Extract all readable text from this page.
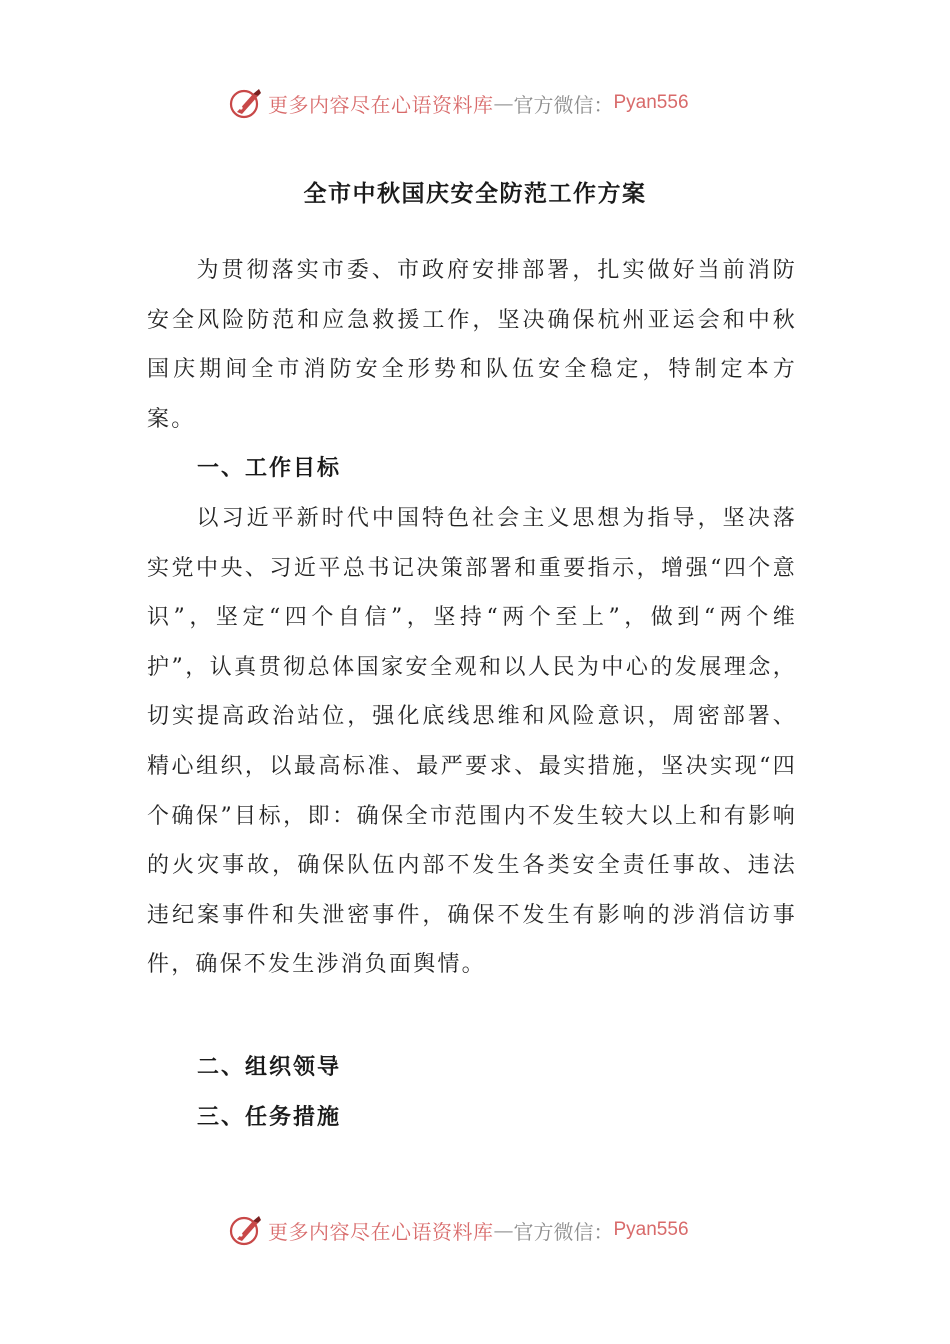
更多内容尽在心语资料库 — 官方微信： Pyan556
全市中秋国庆安全防范工作方案

为贯彻落实市委、市政府安排部署，扎实做好当前消防安全风险防范和应急救援工作，坚决确保杭州亚运会和中秋国庆期间全市消防安全形势和队伍安全稳定，特制定本方案。

一、工作目标

以习近平新时代中国特色社会主义思想为指导，坚决落实党中央、习近平总书记决策部署和重要指示，增强“四个意识”，坚定“四个自信”，坚持“两个至上”，做到“两个维护”，认真贯彻总体国家安全观和以人民为中心的发展理念，切实提高政治站位，强化底线思维和风险意识，周密部署、精心组织，以最高标准、最严要求、最实措施，坚决实现“四个确保”目标，即：确保全市范围内不发生较大以上和有影响的火灾事故，确保队伍内部不发生各类安全责任事故、违法违纪案事件和失泄密事件，确保不发生有影响的涉消信访事件，确保不发生涉消负面舆情。

二、组织领导

三、任务措施

更多内容尽在心语资料库 — 官方微信： Pyan556
